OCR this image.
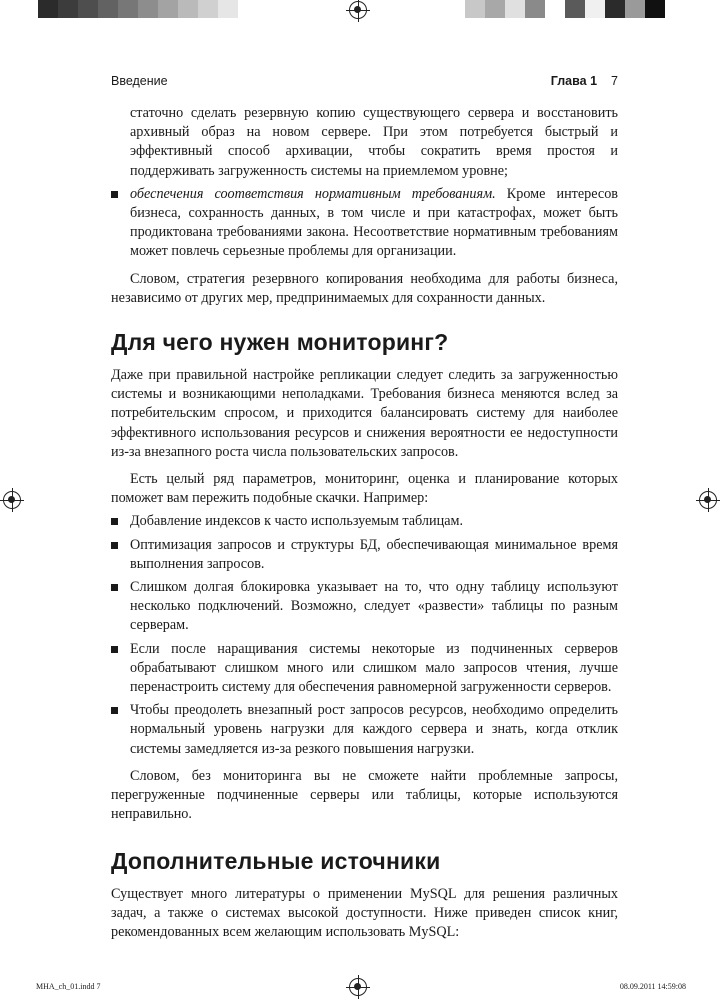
Введение	Глава 1 7

статочно сделать резервную копию существующего сервера и восстановить архивный образ на новом сервере. При этом потребуется быстрый и эффективный способ архивации, чтобы сократить время простоя и поддерживать загруженность системы на приемлемом уровне;

обеспечения соответствия нормативным требованиям. Кроме интересов бизнеса, сохранность данных, в том числе и при катастрофах, может быть продиктована требованиями закона. Несоответствие нормативным требованиям может повлечь серьезные проблемы для организации.

Словом, стратегия резервного копирования необходима для работы бизнеса, независимо от других мер, предпринимаемых для сохранности данных.

Для чего нужен мониторинг?

Даже при правильной настройке репликации следует следить за загруженностью системы и возникающими неполадками. Требования бизнеса меняются вслед за потребительским спросом, и приходится балансировать систему для наиболее эффективного использования ресурсов и снижения вероятности ее недоступности из-за внезапного роста числа пользовательских запросов.

Есть целый ряд параметров, мониторинг, оценка и планирование которых поможет вам пережить подобные скачки. Например:

Добавление индексов к часто используемым таблицам.
Оптимизация запросов и структуры БД, обеспечивающая минимальное время выполнения запросов.
Слишком долгая блокировка указывает на то, что одну таблицу используют несколько подключений. Возможно, следует «развести» таблицы по разным серверам.
Если после наращивания системы некоторые из подчиненных серверов обрабатывают слишком много или слишком мало запросов чтения, лучше перенастроить систему для обеспечения равномерной загруженности серверов.
Чтобы преодолеть внезапный рост запросов ресурсов, необходимо определить нормальный уровень нагрузки для каждого сервера и знать, когда отклик системы замедляется из-за резкого повышения нагрузки.

Словом, без мониторинга вы не сможете найти проблемные запросы, перегруженные подчиненные серверы или таблицы, которые используются неправильно.

Дополнительные источники

Существует много литературы о применении MySQL для решения различных задач, а также о системах высокой доступности. Ниже приведен список книг, рекомендованных всем желающим использовать MySQL:

MHA_ch_01.indd 7	08.09.2011 14:59:08
